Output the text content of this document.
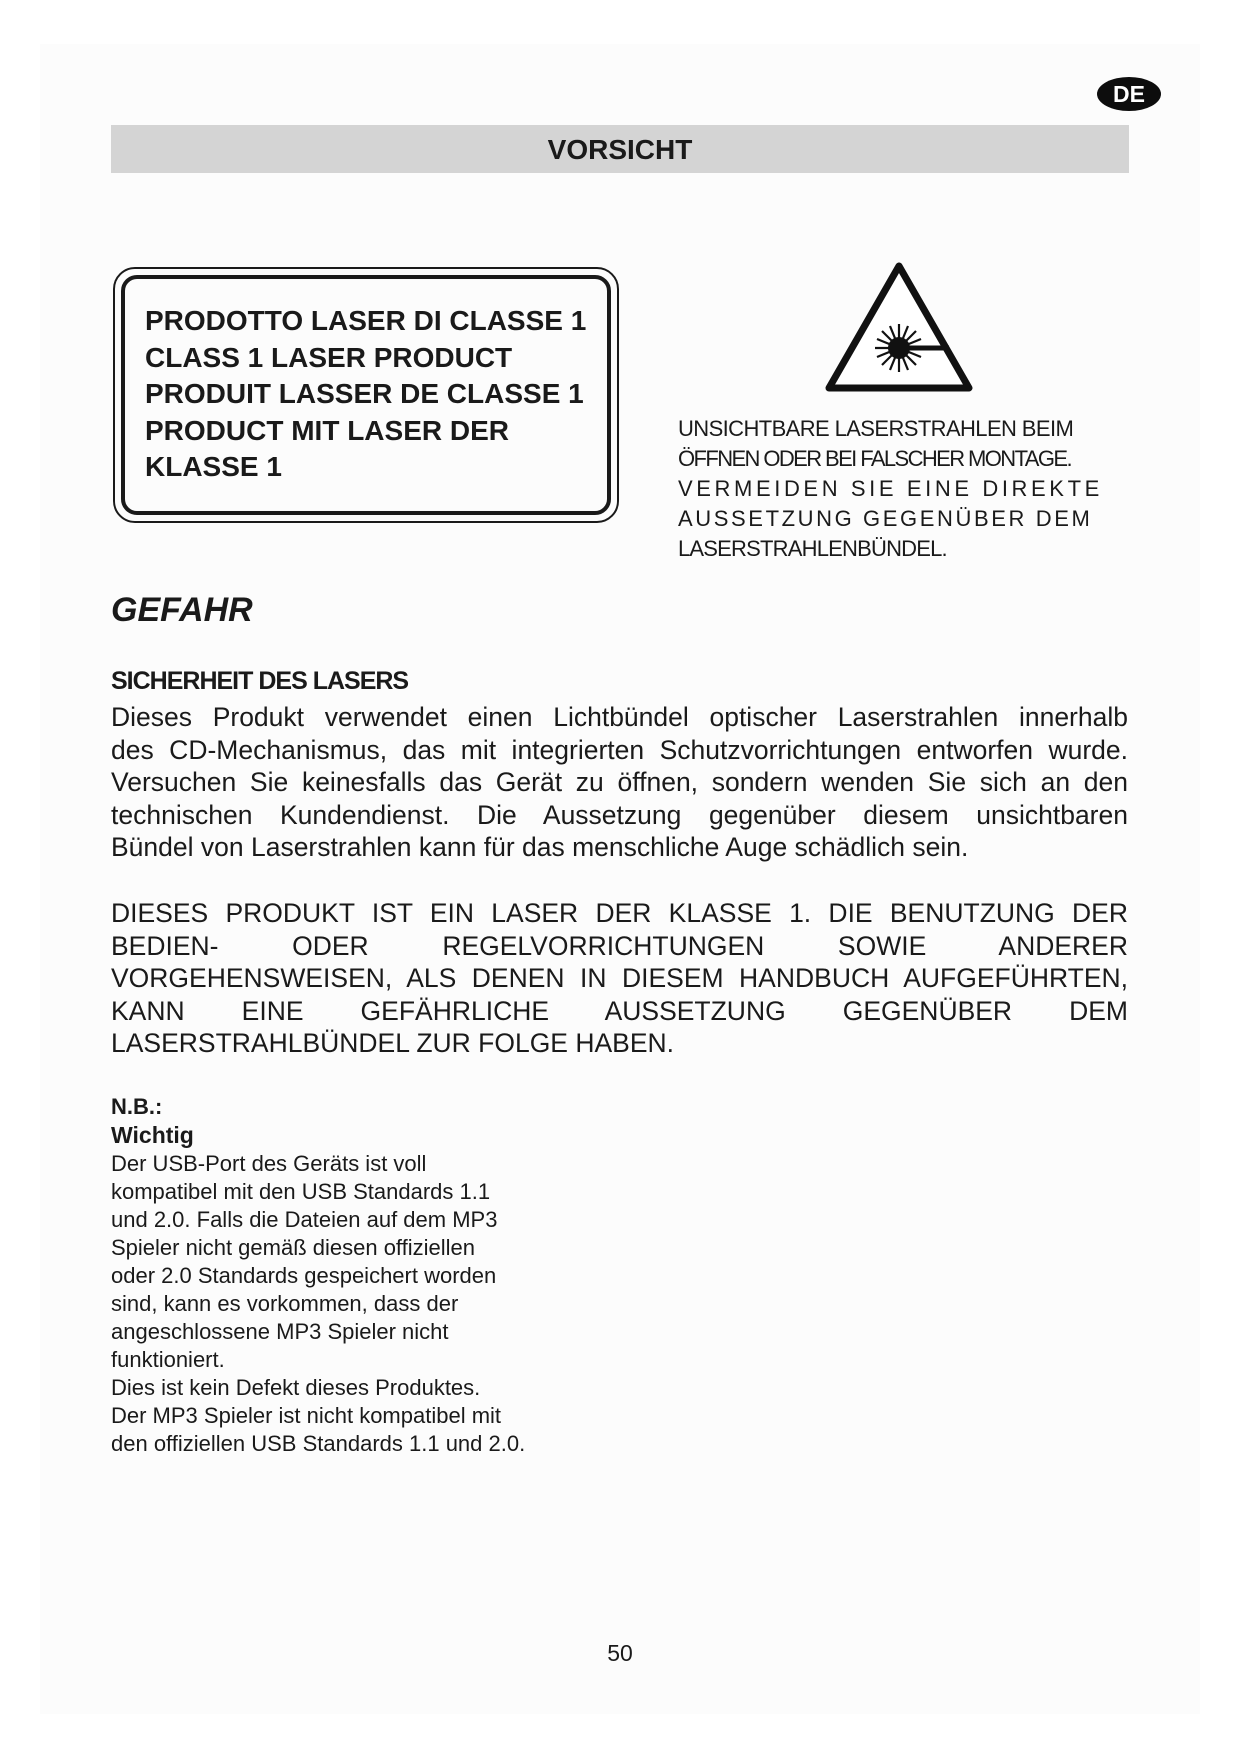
DE
VORSICHT
PRODOTTO LASER DI CLASSE 1
CLASS 1 LASER PRODUCT
PRODUIT LASSER DE CLASSE 1
PRODUCT MIT LASER DER
KLASSE 1
UNSICHTBARE LASERSTRAHLEN BEIM
ÖFFNEN ODER BEI FALSCHER MONTAGE.
VERMEIDEN SIE EINE DIREKTE
AUSSETZUNG GEGENÜBER DEM
LASERSTRAHLENBÜNDEL.
GEFAHR
SICHERHEIT DES LASERS
Dieses Produkt verwendet einen Lichtbündel optischer Laserstrahlen innerhalb
des CD-Mechanismus, das mit integrierten Schutzvorrichtungen entworfen wurde.
Versuchen Sie keinesfalls das Gerät zu öffnen, sondern wenden Sie sich an den
technischen Kundendienst. Die Aussetzung gegenüber diesem unsichtbaren
Bündel von Laserstrahlen kann für das menschliche Auge schädlich sein.
DIESES PRODUKT IST EIN LASER DER KLASSE 1. DIE BENUTZUNG DER
BEDIEN- ODER REGELVORRICHTUNGEN SOWIE ANDERER
VORGEHENSWEISEN, ALS DENEN IN DIESEM HANDBUCH AUFGEFÜHRTEN,
KANN EINE GEFÄHRLICHE AUSSETZUNG GEGENÜBER DEM
LASERSTRAHLBÜNDEL ZUR FOLGE HABEN.
N.B.:
Wichtig
Der USB-Port des Geräts ist voll
kompatibel mit den USB Standards 1.1
und 2.0. Falls die Dateien auf dem MP3
Spieler nicht gemäß diesen offiziellen
oder 2.0 Standards gespeichert worden
sind, kann es vorkommen, dass der
angeschlossene MP3 Spieler nicht
funktioniert.
Dies ist kein Defekt dieses Produktes.
Der MP3 Spieler ist nicht kompatibel mit
den offiziellen USB Standards 1.1 und 2.0.
50
